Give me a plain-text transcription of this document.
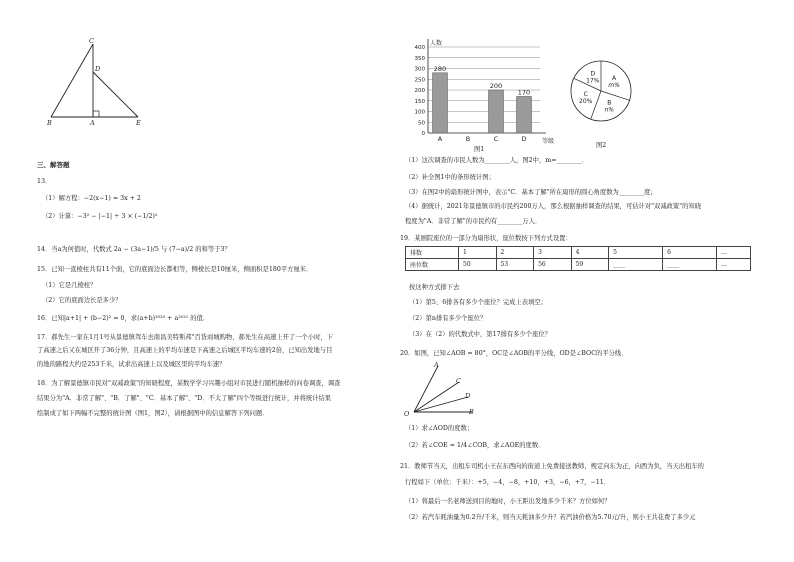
C
D
B	A	E
三、解答题
13．
（1）解方程：−2(x−1) = 3x + 2
（2）计算：−3² − |−1| ÷ 3 × (−1/2)²
14．当a为何值时，代数式 2a − (3a−1)/5 与 (7−a)/2 的和等于3？
15．已知一直棱柱共有11个面，它的底面边长都相等，侧棱长是10厘米，侧面积是180平方厘米．
（1）它是几棱柱？
（2）它的底面边长是多少？
16．已知|a+1| + (b−2)² = 0，求(a+b)²⁰²⁰ + a²⁰²¹ 的值．
17．郝先生一家在1月1号从景德镇驾车去南昌美特斯邦"百货商城购物，郝先生在高速上开了一个小时，下
了高速之后又在城区开了36分钟，且高速上的平均车速是下高速之后城区平均车速的2倍，已知出发地与目
的地的路程大约是253千米，试求出高速上以及城区里的平均车速？
18．为了解景德镇市民对"双减政策"的知晓程度，某数学学习兴趣小组对市民进行随机抽样的问卷调查，调查
结果分为"A．非常了解"、"B．了解"、"C．基本了解"、"D．不太了解"四个等级进行统计，并将统计结果
绘制成了如下两幅不完整的统计图（图1，图2），请根据图中的信息解答下列问题．
0
50
100
150
200
250
300
350
400
人数
等级
280
A	B
200
C
170
D
图1
A
m%
B
n%
C
20%
D
17%
图2
（1）这次调查的市民人数为________人，图2中，m=________．
（2）补全图1中的条形统计图；
（3）在图2中的扇形统计图中，表示"C．基本了解"所在扇形的圆心角度数为________度；
（4）据统计，2021年景德镇市的市民约200万人，那么根据抽样调查的结果，可估计对"双减政策"的知晓
程度为"A．非常了解"的市民约有________万人．
19．某剧院座位的一部分为扇形状，座位数按下列方式设置：
排数	1	2	3	4	5	6	…
座位数	50	53	56	59	____	____	…
按这种方式排下去
（1）第5、6排各有多少个座位？完成上表填空；
（2）第n排有多少个座位？
（3）在（2）的代数式中，第17排有多少个座位？
20．如图，已知∠AOB = 80°，OC是∠AOB的平分线，OD是∠BOC的平分线．
A
C
D
B
O
（1）求∠AOD的度数；
（2）若∠COE = 1/4∠COB，求∠AOE的度数．
21．教师节当天，出租车司机小王在东西向的街道上免费接送教师，规定向东为正，向西为负，当天出租车的
行程如下（单位：千米）：+5，−4，−8，+10，+3，−6，+7，−11．
（1）将最后一名老师送到目的地时，小王距出发地多少千米？方位如何？
（2）若汽车耗油量为0.2升/千米，则当天耗油多少升？若汽油价格为5.70元/升，则小王共花费了多少元
